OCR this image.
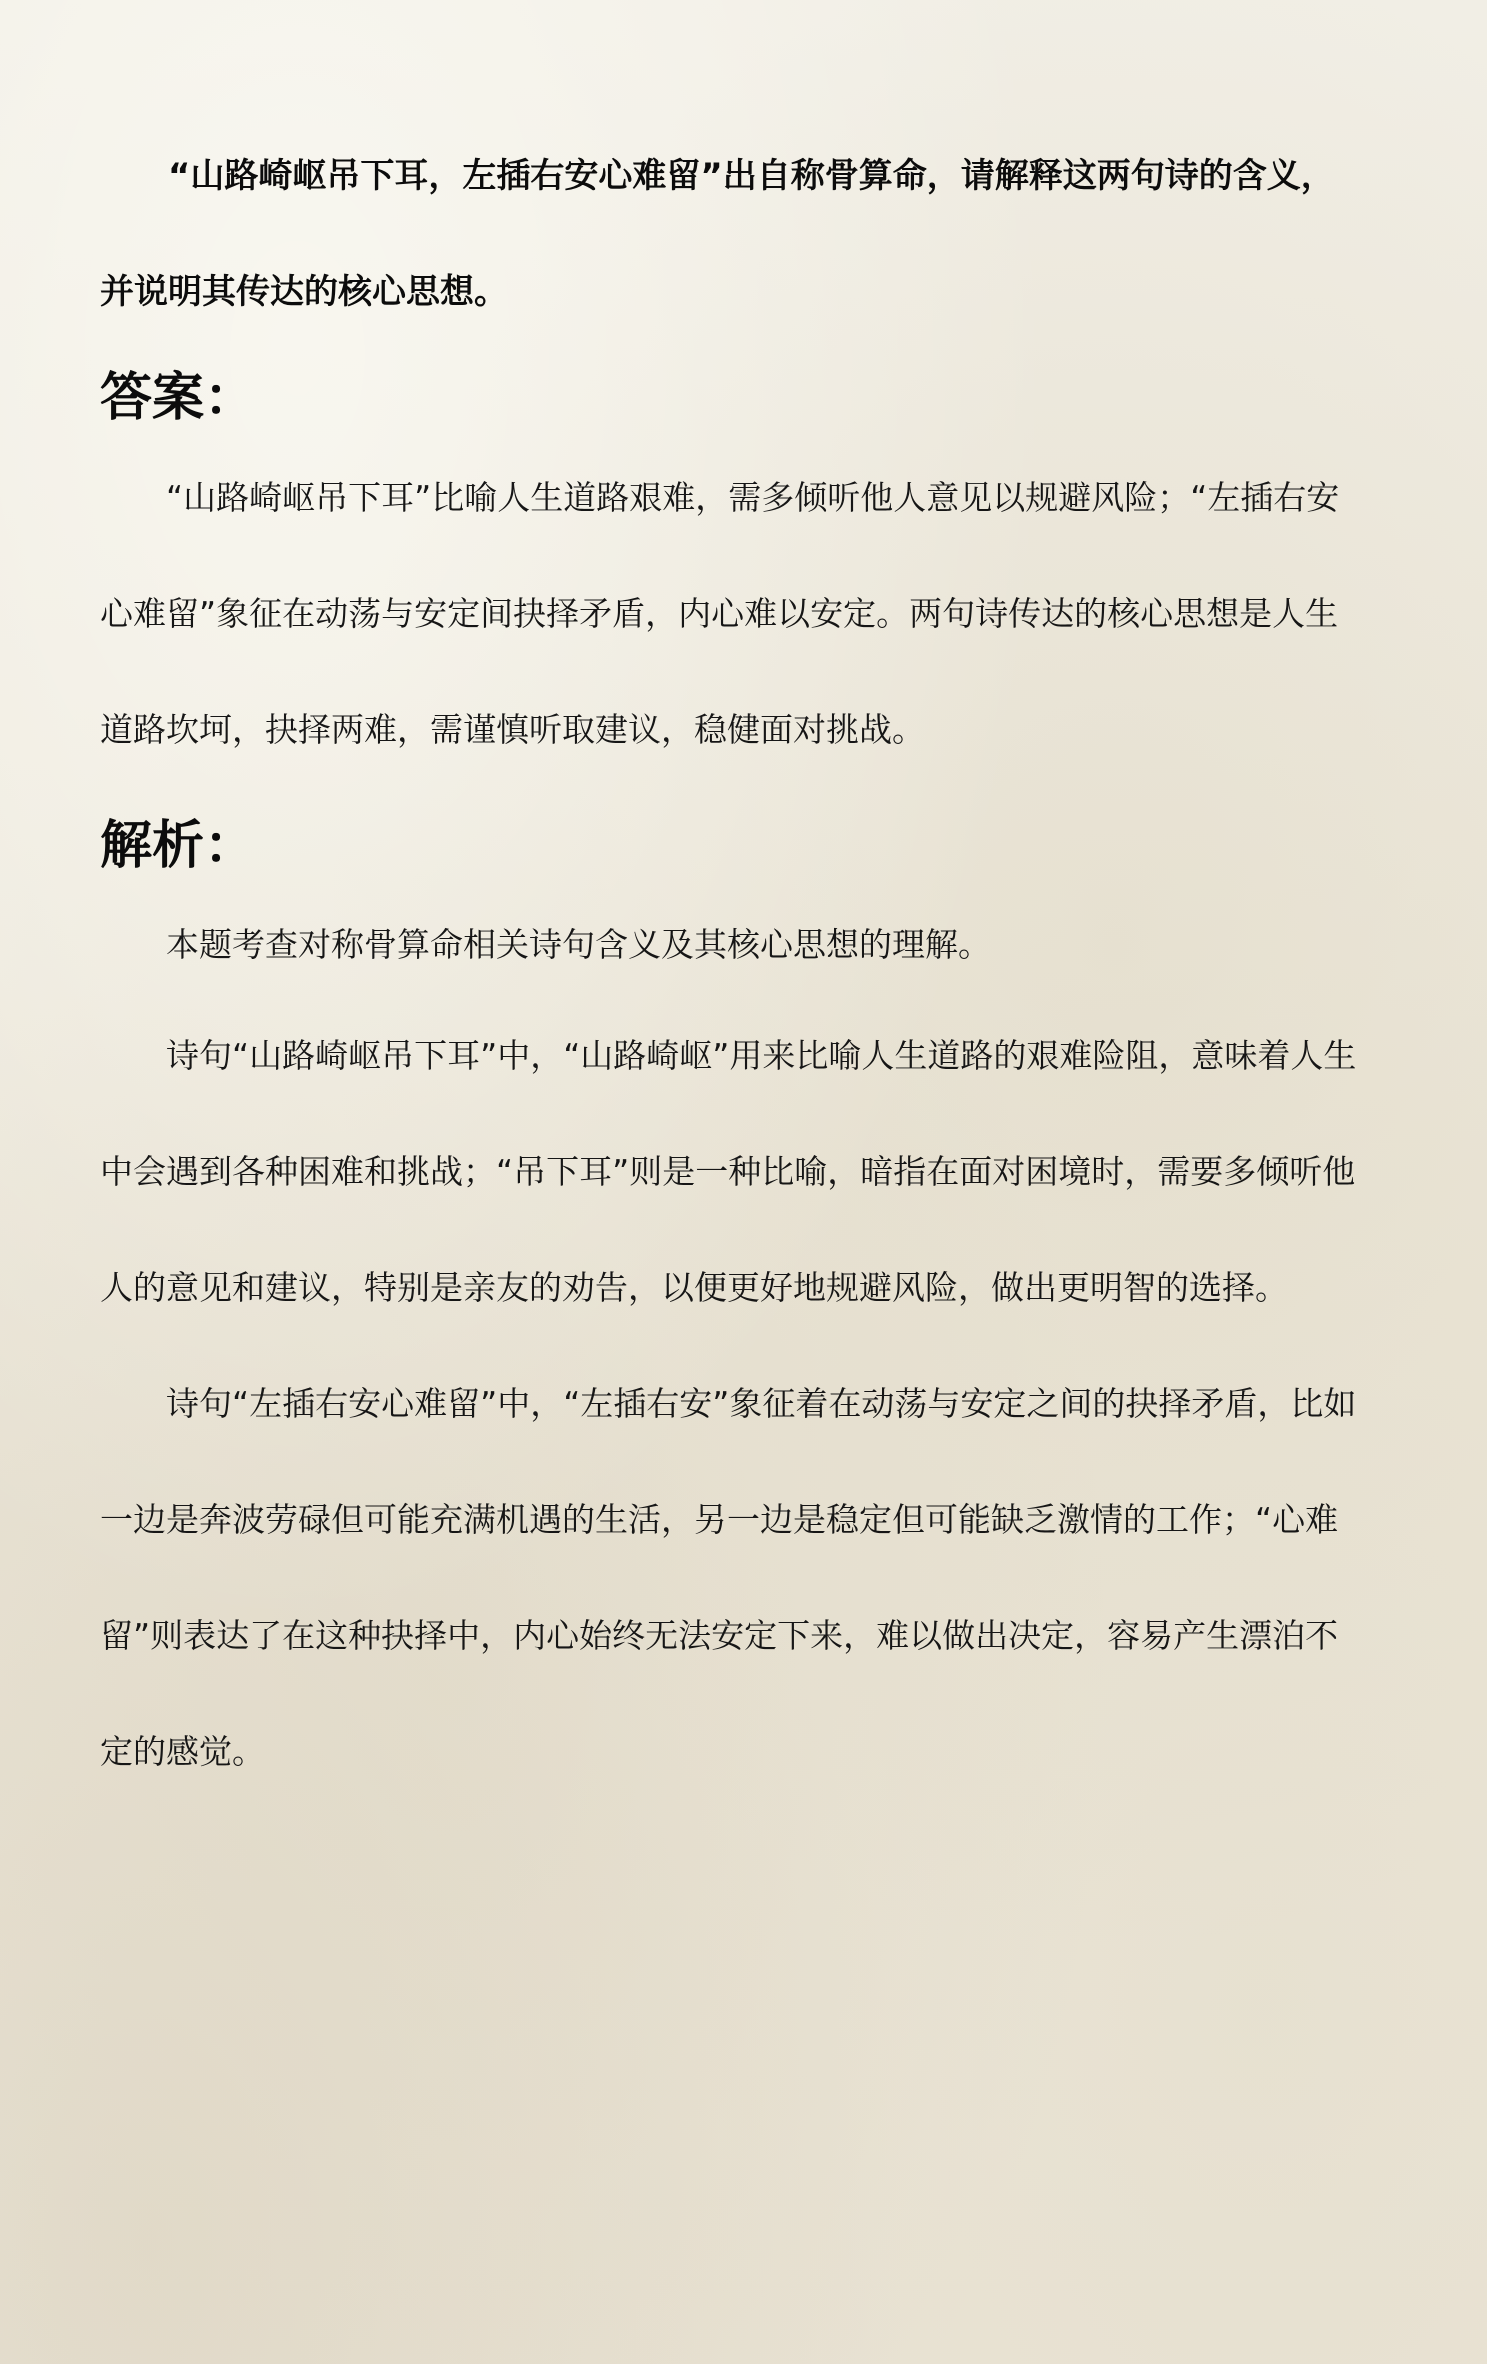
“山路崎岖吊下耳，左插右安心难留”出自称骨算命，请解释这两句诗的含义，并说明其传达的核心思想。

答案：

“山路崎岖吊下耳”比喻人生道路艰难，需多倾听他人意见以规避风险；“左插右安心难留”象征在动荡与安定间抉择矛盾，内心难以安定。两句诗传达的核心思想是人生道路坎坷，抉择两难，需谨慎听取建议，稳健面对挑战。

解析：

本题考查对称骨算命相关诗句含义及其核心思想的理解。

诗句“山路崎岖吊下耳”中，“山路崎岖”用来比喻人生道路的艰难险阻，意味着人生中会遇到各种困难和挑战；“吊下耳”则是一种比喻，暗指在面对困境时，需要多倾听他人的意见和建议，特别是亲友的劝告，以便更好地规避风险，做出更明智的选择。

诗句“左插右安心难留”中，“左插右安”象征着在动荡与安定之间的抉择矛盾，比如一边是奔波劳碌但可能充满机遇的生活，另一边是稳定但可能缺乏激情的工作；“心难留”则表达了在这种抉择中，内心始终无法安定下来，难以做出决定，容易产生漂泊不定的感觉。
